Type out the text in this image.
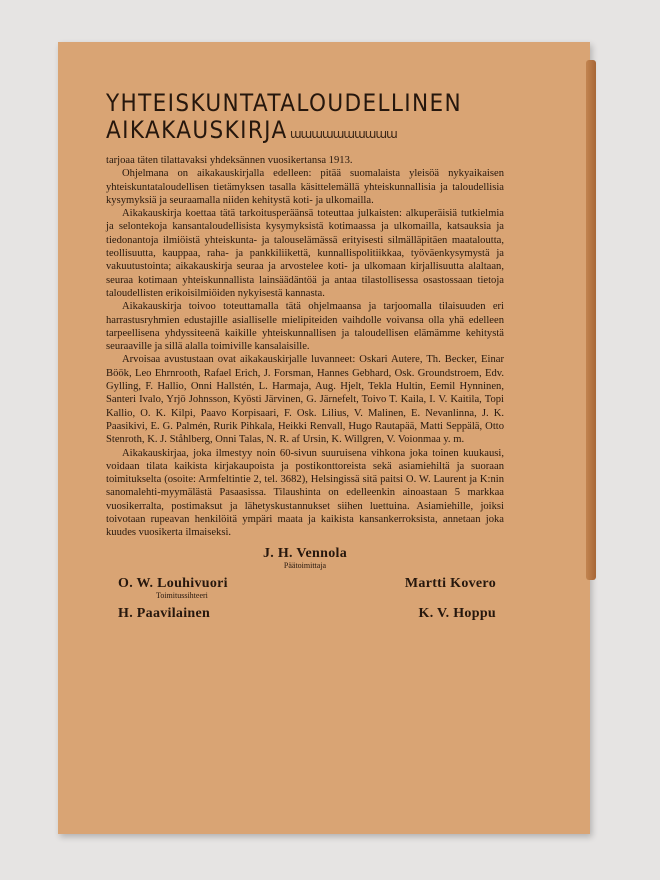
YHTEISKUNTATALOUDELLINEN
AIKAKAUSKIRJA ɯɯɯɯɯɯɯɯɯɯ

tarjoaa täten tilattavaksi yhdeksännen vuosikertansa 1913.

Ohjelmana on aikakauskirjalla edelleen: pitää suomalaista yleisöä nykyaikaisen yhteiskuntataloudellisen tietämyksen tasalla käsittelemällä yhteiskunnallisia ja taloudellisia kysymyksiä ja seuraamalla niiden kehitystä koti- ja ulkomailla.

Aikakauskirja koettaa tätä tarkoitusperäänsä toteuttaa julkaisten: alkuperäisiä tutkielmia ja selontekoja kansantaloudellisista kysymyksistä kotimaassa ja ulkomailla, katsauksia ja tiedonantoja ilmiöistä yhteiskunta- ja talouselämässä erityisesti silmälläpitäen maataloutta, teollisuutta, kauppaa, raha- ja pankkiliikettä, kunnallispolitiikkaa, työväenkysymystä ja vakuutustointa; aikakauskirja seuraa ja arvostelee koti- ja ulkomaan kirjallisuutta alaltaan, seuraa kotimaan yhteiskunnallista lainsäädäntöä ja antaa tilastollisessa osastossaan tietoja taloudellisten erikoisilmiöiden nykyisestä kannasta.

Aikakauskirja toivoo toteuttamalla tätä ohjelmaansa ja tarjoomalla tilaisuuden eri harrastusryhmien edustajille asialliselle mielipiteiden vaihdolle voivansa olla yhä edelleen tarpeellisena yhdyssiteenä kaikille yhteiskunnallisen ja taloudellisen elämämme kehitystä seuraaville ja sillä alalla toimiville kansalaisille.

Arvoisaa avustustaan ovat aikakauskirjalle luvanneet: Oskari Autere, Th. Becker, Einar Böök, Leo Ehrnrooth, Rafael Erich, J. Forsman, Hannes Gebhard, Osk. Groundstroem, Edv. Gylling, F. Hallio, Onni Hallstén, L. Harmaja, Aug. Hjelt, Tekla Hultin, Eemil Hynninen, Santeri Ivalo, Yrjö Johnsson, Kyösti Järvinen, G. Järnefelt, Toivo T. Kaila, I. V. Kaitila, Topi Kallio, O. K. Kilpi, Paavo Korpisaari, F. Osk. Lilius, V. Malinen, E. Nevanlinna, J. K. Paasikivi, E. G. Palmén, Rurik Pihkala, Heikki Renvall, Hugo Rautapää, Matti Seppälä, Otto Stenroth, K. J. Ståhlberg, Onni Talas, N. R. af Ursin, K. Willgren, V. Voionmaa y. m.

Aikakauskirjaa, joka ilmestyy noin 60-sivun suuruisena vihkona joka toinen kuukausi, voidaan tilata kaikista kirjakaupoista ja postikonttoreista sekä asiamiehiltä ja suoraan toimitukselta (osoite: Armfeltintie 2, tel. 3682), Helsingissä sitä paitsi O. W. Laurent ja K:nin sanomalehti-myymälästä Pasaasissa. Tilaushinta on edelleenkin ainoastaan 5 markkaa vuosikerralta, postimaksut ja lähetyskustannukset siihen luettuina. Asiamiehille, joiksi toivotaan rupeavan henkilöitä ympäri maata ja kaikista kansankerroksista, annetaan joka kuudes vuosikerta ilmaiseksi.

J. H. Vennola
Päätoimittaja
O. W. Louhivuori	Martti Kovero
Toimitussihteeri
H. Paavilainen	K. V. Hoppu
